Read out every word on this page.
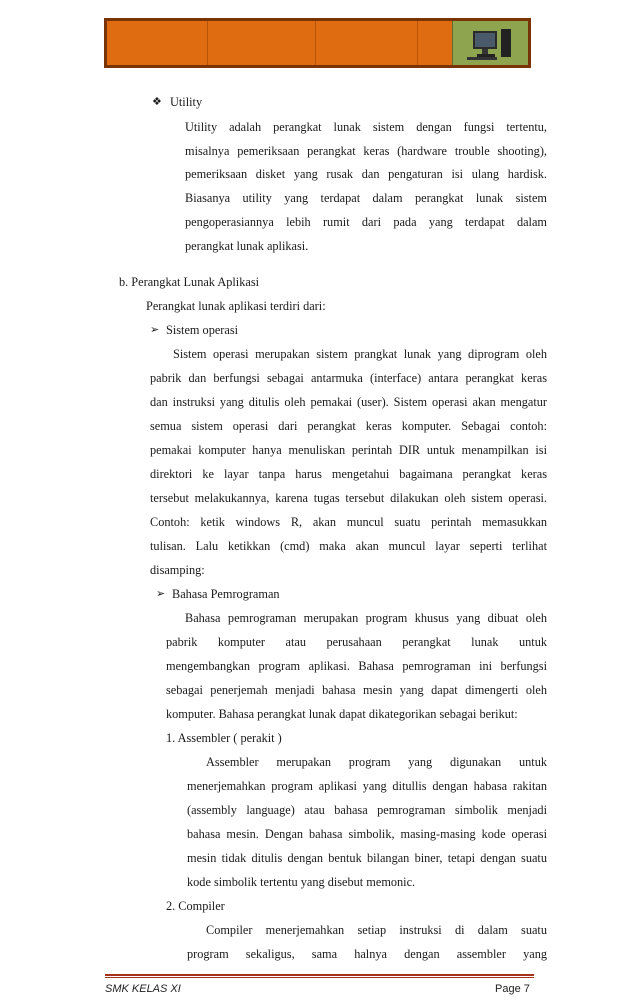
❖ Utility
Utility adalah perangkat lunak sistem dengan fungsi tertentu,
misalnya pemeriksaan perangkat keras (hardware trouble shooting),
pemeriksaan disket yang rusak dan pengaturan isi ulang hardisk.
Biasanya utility yang terdapat dalam perangkat lunak sistem
pengoperasiannya lebih rumit dari pada yang terdapat dalam
perangkat lunak aplikasi.
b. Perangkat Lunak Aplikasi
Perangkat lunak aplikasi terdiri dari:
➢ Sistem operasi
Sistem operasi merupakan sistem prangkat lunak yang diprogram oleh
pabrik dan berfungsi sebagai antarmuka (interface) antara perangkat keras
dan instruksi yang ditulis oleh pemakai (user). Sistem operasi akan mengatur
semua sistem operasi dari perangkat keras komputer. Sebagai contoh:
pemakai komputer hanya menuliskan perintah DIR untuk menampilkan isi
direktori ke layar tanpa harus mengetahui bagaimana perangkat keras
tersebut melakukannya, karena tugas tersebut dilakukan oleh sistem operasi.
Contoh: ketik windows R, akan muncul suatu perintah memasukkan
tulisan. Lalu ketikkan (cmd) maka akan muncul layar seperti terlihat
disamping:
➢ Bahasa Pemrograman
Bahasa pemrograman merupakan program khusus yang dibuat oleh
pabrik komputer atau perusahaan perangkat lunak untuk
mengembangkan program aplikasi. Bahasa pemrograman ini berfungsi
sebagai penerjemah menjadi bahasa mesin yang dapat dimengerti oleh
komputer. Bahasa perangkat lunak dapat dikategorikan sebagai berikut:
1. Assembler ( perakit )
Assembler merupakan program yang digunakan untuk
menerjemahkan program aplikasi yang ditullis dengan habasa rakitan
(assembly language) atau bahasa pemrograman simbolik menjadi
bahasa mesin. Dengan bahasa simbolik, masing-masing kode operasi
mesin tidak ditulis dengan bentuk bilangan biner, tetapi dengan suatu
kode simbolik tertentu yang disebut memonic.
2. Compiler
Compiler menerjemahkan setiap instruksi di dalam suatu
program sekaligus, sama halnya dengan assembler yang
SMK KELAS XI	Page 7
